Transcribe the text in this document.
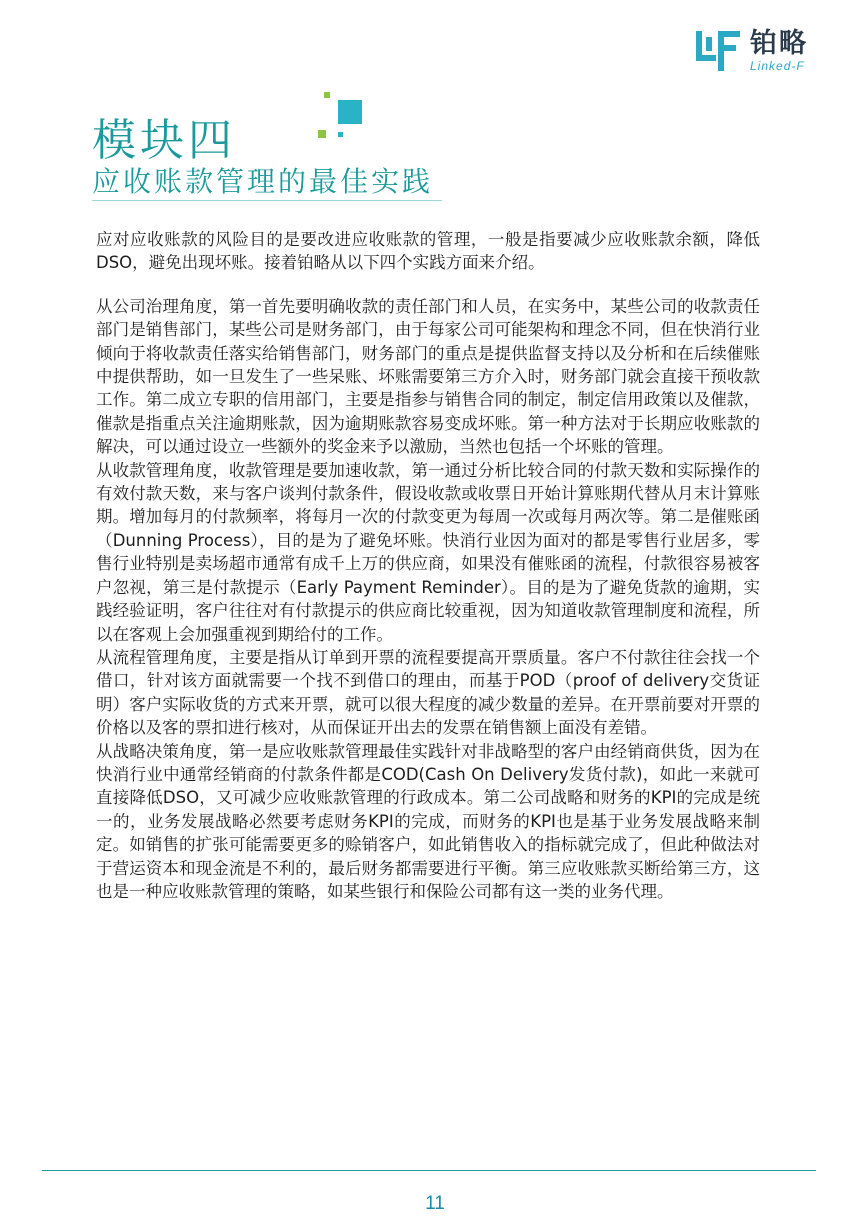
铂略
Linked-F
模块四
应收账款管理的最佳实践

应对应收账款的风险目的是要改进应收账款的管理，一般是指要减少应收账款余额，降低DSO，避免出现坏账。接着铂略从以下四个实践方面来介绍。

从公司治理角度，第一首先要明确收款的责任部门和人员，在实务中，某些公司的收款责任部门是销售部门，某些公司是财务部门，由于每家公司可能架构和理念不同，但在快消行业倾向于将收款责任落实给销售部门，财务部门的重点是提供监督支持以及分析和在后续催账中提供帮助，如一旦发生了一些呆账、坏账需要第三方介入时，财务部门就会直接干预收款工作。第二成立专职的信用部门，主要是指参与销售合同的制定，制定信用政策以及催款，催款是指重点关注逾期账款，因为逾期账款容易变成坏账。第一种方法对于长期应收账款的解决，可以通过设立一些额外的奖金来予以激励，当然也包括一个坏账的管理。

从收款管理角度，收款管理是要加速收款，第一通过分析比较合同的付款天数和实际操作的有效付款天数，来与客户谈判付款条件，假设收款或收票日开始计算账期代替从月末计算账期。增加每月的付款频率，将每月一次的付款变更为每周一次或每月两次等。第二是催账函（Dunning Process），目的是为了避免坏账。快消行业因为面对的都是零售行业居多，零售行业特别是卖场超市通常有成千上万的供应商，如果没有催账函的流程，付款很容易被客户忽视，第三是付款提示（Early Payment Reminder）。目的是为了避免货款的逾期，实践经验证明，客户往往对有付款提示的供应商比较重视，因为知道收款管理制度和流程，所以在客观上会加强重视到期给付的工作。

从流程管理角度，主要是指从订单到开票的流程要提高开票质量。客户不付款往往会找一个借口，针对该方面就需要一个找不到借口的理由，而基于POD（proof of delivery交货证明）客户实际收货的方式来开票，就可以很大程度的减少数量的差异。在开票前要对开票的价格以及客的票扣进行核对，从而保证开出去的发票在销售额上面没有差错。

从战略决策角度，第一是应收账款管理最佳实践针对非战略型的客户由经销商供货，因为在快消行业中通常经销商的付款条件都是COD(Cash On Delivery发货付款)，如此一来就可直接降低DSO，又可减少应收账款管理的行政成本。第二公司战略和财务的KPI的完成是统一的，业务发展战略必然要考虑财务KPI的完成，而财务的KPI也是基于业务发展战略来制定。如销售的扩张可能需要更多的赊销客户，如此销售收入的指标就完成了，但此种做法对于营运资本和现金流是不利的，最后财务都需要进行平衡。第三应收账款买断给第三方，这也是一种应收账款管理的策略，如某些银行和保险公司都有这一类的业务代理。

11
